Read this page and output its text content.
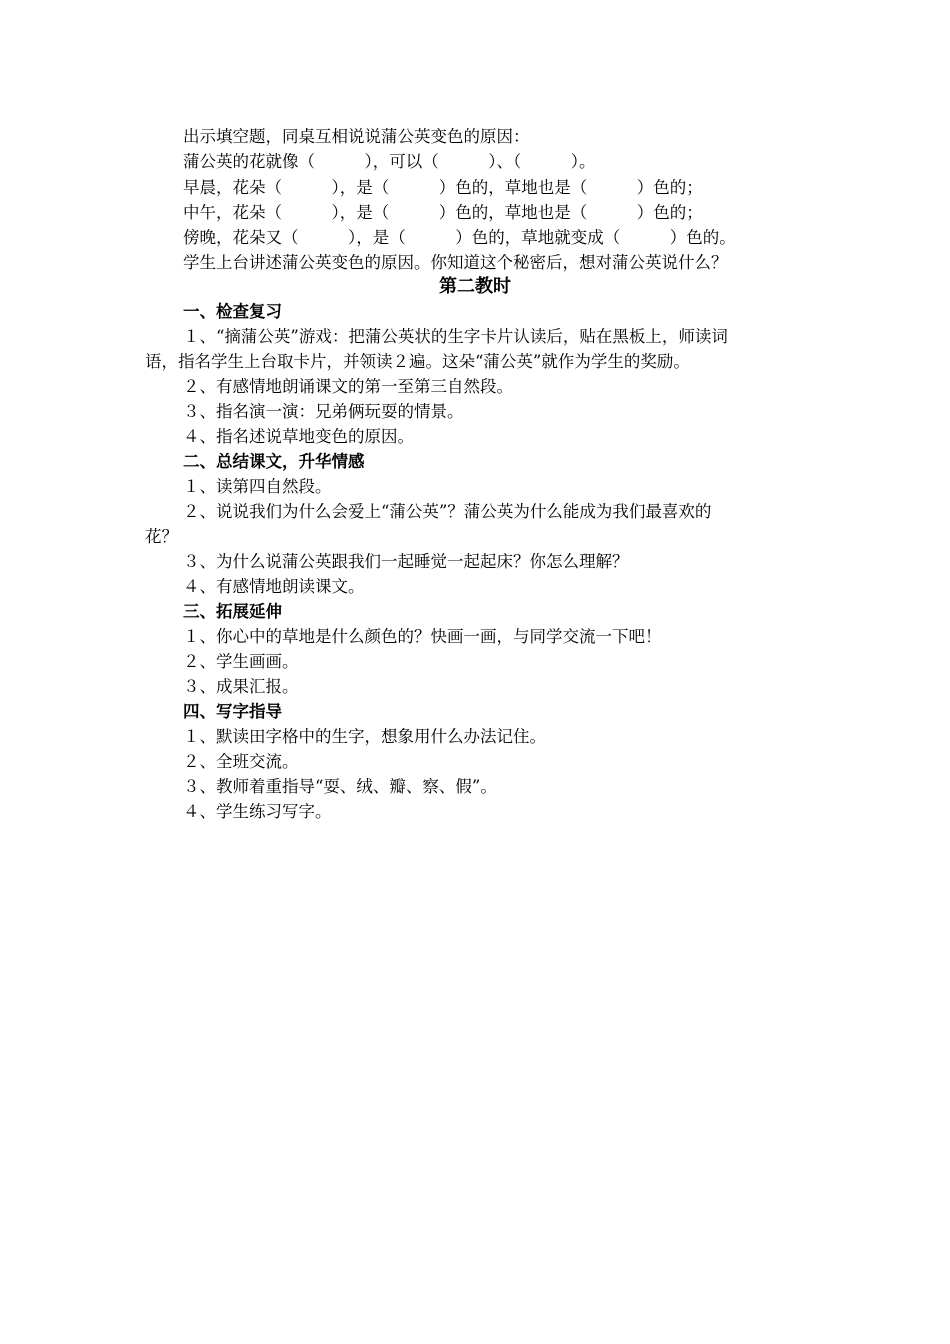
出示填空题，同桌互相说说蒲公英变色的原因：

蒲公英的花就像（　　　），可以（　　　）、（　　　）。

早晨，花朵（　　　），是（　　　）色的，草地也是（　　　）色的；

中午，花朵（　　　），是（　　　）色的，草地也是（　　　）色的；

傍晚，花朵又（　　　），是（　　　）色的，草地就变成（　　　）色的。

学生上台讲述蒲公英变色的原因。你知道这个秘密后，想对蒲公英说什么？

第二教时

一、检查复习

１、“摘蒲公英”游戏：把蒲公英状的生字卡片认读后，贴在黑板上，师读词

语，指名学生上台取卡片，并领读２遍。这朵“蒲公英”就作为学生的奖励。

２、有感情地朗诵课文的第一至第三自然段。

３、指名演一演：兄弟俩玩耍的情景。

４、指名述说草地变色的原因。

二、总结课文，升华情感

１、读第四自然段。

２、说说我们为什么会爱上“蒲公英”？蒲公英为什么能成为我们最喜欢的

花？

３、为什么说蒲公英跟我们一起睡觉一起起床？你怎么理解？

４、有感情地朗读课文。

三、拓展延伸

１、你心中的草地是什么颜色的？快画一画，与同学交流一下吧！

２、学生画画。

３、成果汇报。

四、写字指导

１、默读田字格中的生字，想象用什么办法记住。

２、全班交流。

３、教师着重指导“耍、绒、瓣、察、假”。

４、学生练习写字。
